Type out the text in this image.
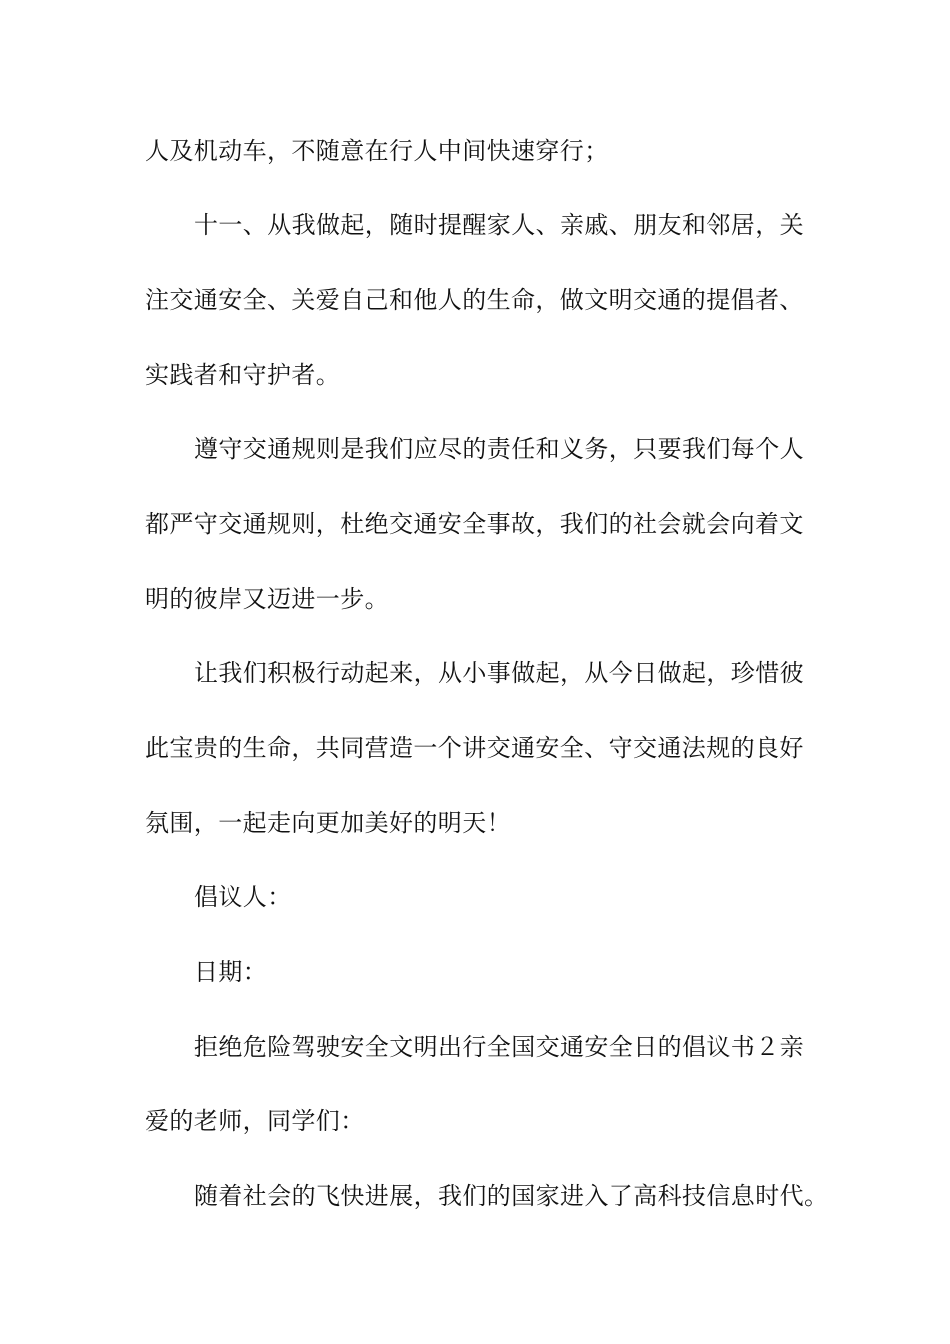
人及机动车，不随意在行人中间快速穿行；
十一、从我做起，随时提醒家人、亲戚、朋友和邻居，关
注交通安全、关爱自己和他人的生命，做文明交通的提倡者、
实践者和守护者。
遵守交通规则是我们应尽的责任和义务，只要我们每个人
都严守交通规则，杜绝交通安全事故，我们的社会就会向着文
明的彼岸又迈进一步。
让我们积极行动起来，从小事做起，从今日做起，珍惜彼
此宝贵的生命，共同营造一个讲交通安全、守交通法规的良好
氛围，一起走向更加美好的明天！
倡议人：
日期：
拒绝危险驾驶安全文明出行全国交通安全日的倡议书２亲
爱的老师，同学们：
随着社会的飞快进展，我们的国家进入了高科技信息时代。
